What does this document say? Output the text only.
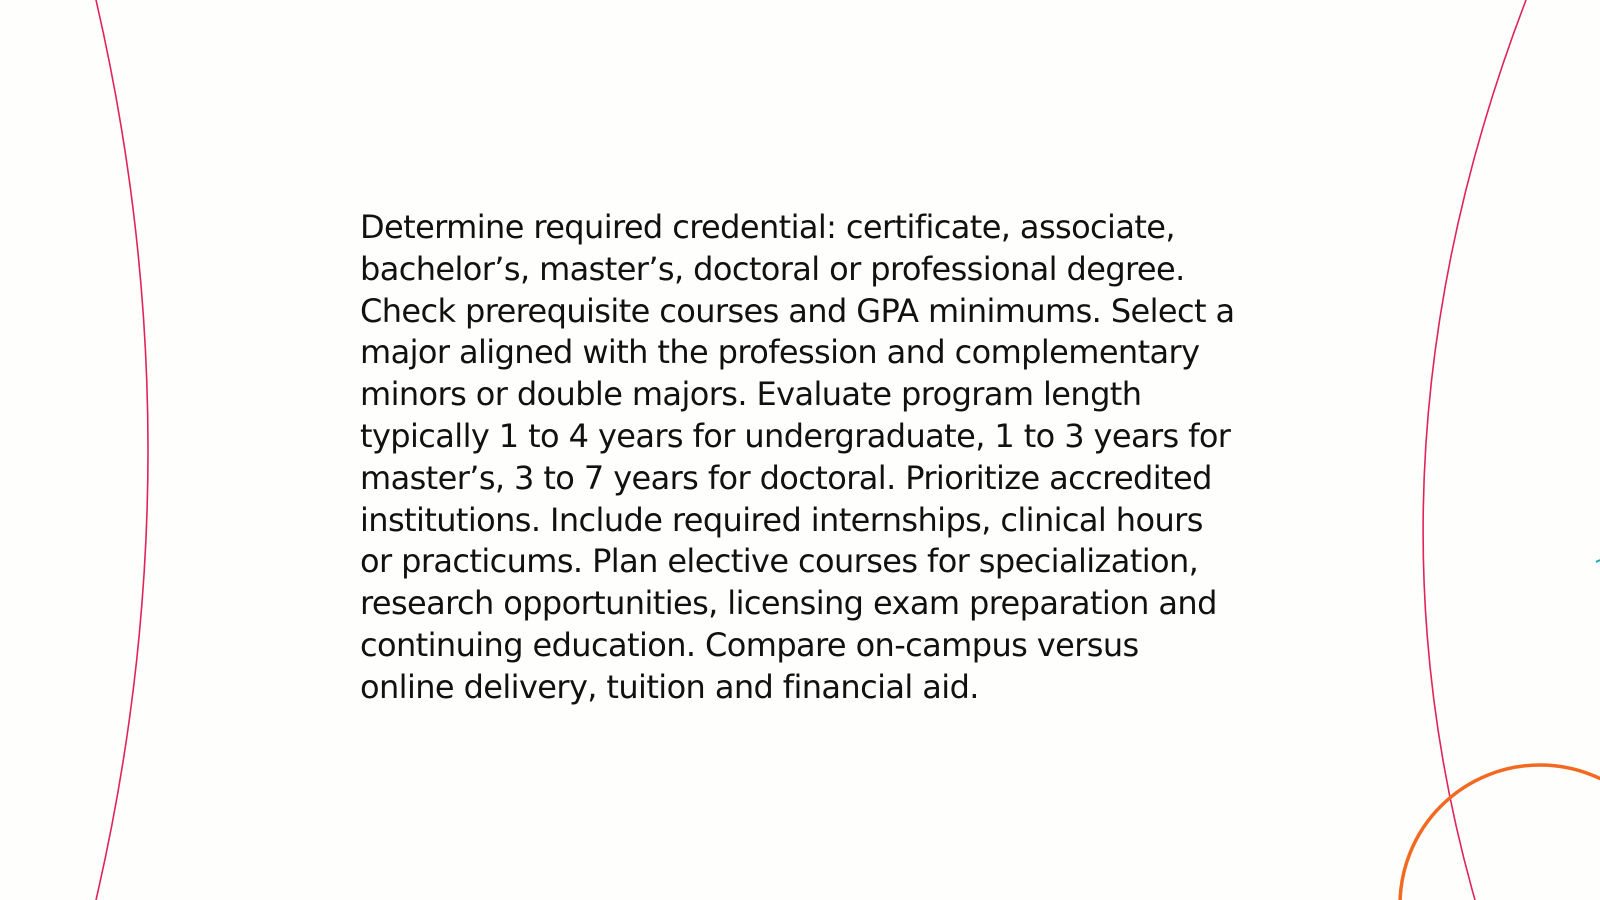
Determine required credential: certificate, associate, bachelor’s, master’s, doctoral or professional degree. Check prerequisite courses and GPA minimums. Select a major aligned with the profession and complementary minors or double majors. Evaluate program length typically 1 to 4 years for undergraduate, 1 to 3 years for master’s, 3 to 7 years for doctoral. Prioritize accredited institutions. Include required internships, clinical hours or practicums. Plan elective courses for specialization, research opportunities, licensing exam preparation and continuing education. Compare on-campus versus online delivery, tuition and financial aid.
